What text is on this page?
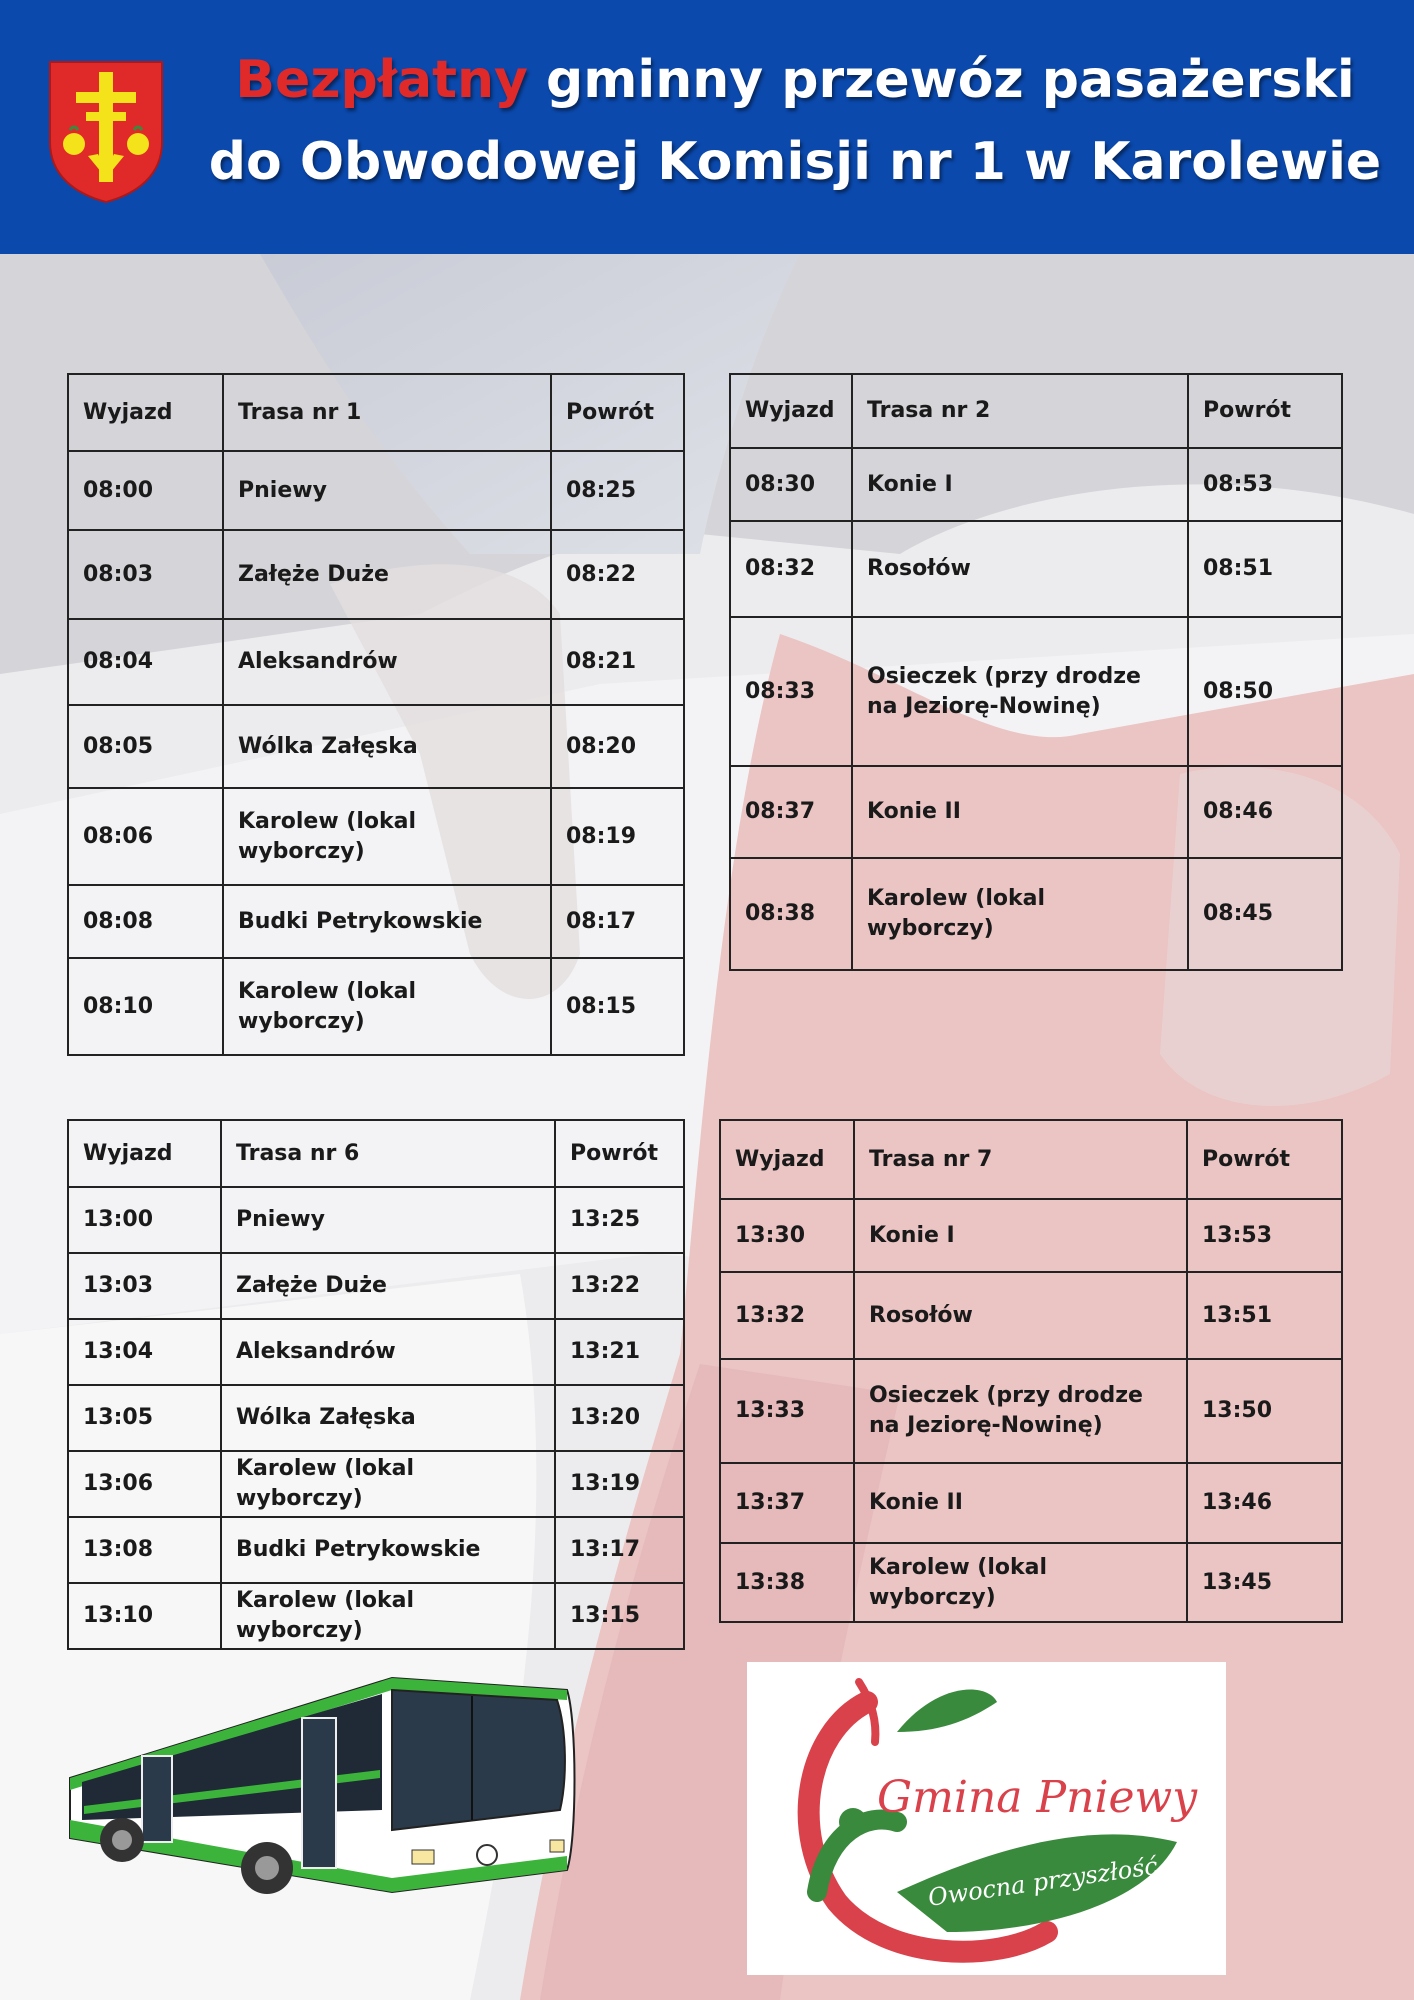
Bezpłatny gminny przewóz pasażerski
do Obwodowej Komisji nr 1 w Karolewie
Wyjazd	Trasa nr 1	Powrót
08:00	Pniewy	08:25
08:03	Załęże Duże	08:22
08:04	Aleksandrów	08:21
08:05	Wólka Załęska	08:20
08:06	Karolew (lokal wyborczy)	08:19
08:08	Budki Petrykowskie	08:17
08:10	Karolew (lokal wyborczy)	08:15
Wyjazd	Trasa nr 2	Powrót
08:30	Konie I	08:53
08:32	Rosołów	08:51
08:33	Osieczek (przy drodze na Jeziorę-Nowinę)	08:50
08:37	Konie II	08:46
08:38	Karolew (lokal wyborczy)	08:45
Wyjazd	Trasa nr 6	Powrót
13:00	Pniewy	13:25
13:03	Załęże Duże	13:22
13:04	Aleksandrów	13:21
13:05	Wólka Załęska	13:20
13:06	Karolew (lokal wyborczy)	13:19
13:08	Budki Petrykowskie	13:17
13:10	Karolew (lokal wyborczy)	13:15
Wyjazd	Trasa nr 7	Powrót
13:30	Konie I	13:53
13:32	Rosołów	13:51
13:33	Osieczek (przy drodze na Jeziorę-Nowinę)	13:50
13:37	Konie II	13:46
13:38	Karolew (lokal wyborczy)	13:45
Gmina Pniewy
Owocna przyszłość
